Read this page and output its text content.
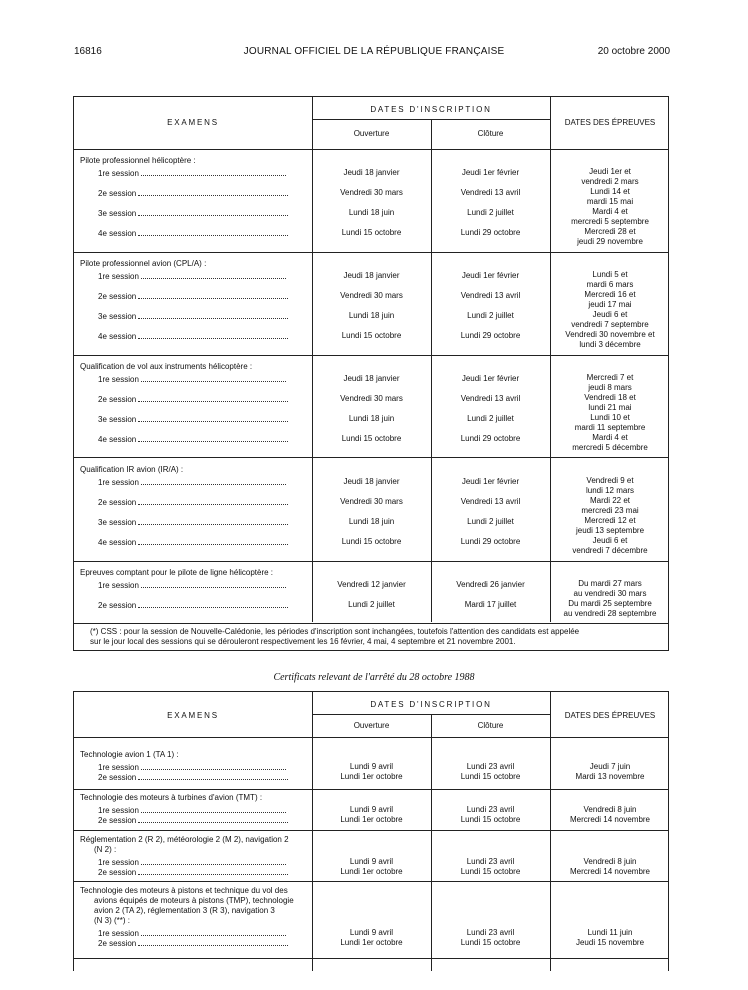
16816	JOURNAL OFFICIEL DE LA RÉPUBLIQUE FRANÇAISE	20 octobre 2000
EXAMENS
DATES D'INSCRIPTION
Ouverture	Clôture
DATES DES ÉPREUVES
(*) CSS : pour la session de Nouvelle-Calédonie, les périodes d'inscription sont inchangées, toutefois l'attention des candidats est appelée
sur le jour local des sessions qui se dérouleront respectivement les 16 février, 4 mai, 4 septembre et 21 novembre 2001.
Pilote professionnel hélicoptère :
1re session	Jeudi 18 janvier	Jeudi 1er février	Jeudi 1er et
vendredi 2 mars
2e session	Vendredi 30 mars	Vendredi 13 avril	Lundi 14 et
mardi 15 mai
3e session	Lundi 18 juin	Lundi 2 juillet	Mardi 4 et
mercredi 5 septembre
4e session	Lundi 15 octobre	Lundi 29 octobre	Mercredi 28 et
jeudi 29 novembre
Pilote professionnel avion (CPL/A) :
1re session	Jeudi 18 janvier	Jeudi 1er février	Lundi 5 et
mardi 6 mars
2e session	Vendredi 30 mars	Vendredi 13 avril	Mercredi 16 et
jeudi 17 mai
3e session	Lundi 18 juin	Lundi 2 juillet	Jeudi 6 et
vendredi 7 septembre
4e session	Lundi 15 octobre	Lundi 29 octobre	Vendredi 30 novembre et
lundi 3 décembre
Qualification de vol aux instruments hélicoptère :
1re session	Jeudi 18 janvier	Jeudi 1er février	Mercredi 7 et
jeudi 8 mars
2e session	Vendredi 30 mars	Vendredi 13 avril	Vendredi 18 et
lundi 21 mai
3e session	Lundi 18 juin	Lundi 2 juillet	Lundi 10 et
mardi 11 septembre
4e session	Lundi 15 octobre	Lundi 29 octobre	Mardi 4 et
mercredi 5 décembre
Qualification IR avion (IR/A) :
1re session	Jeudi 18 janvier	Jeudi 1er février	Vendredi 9 et
lundi 12 mars
2e session	Vendredi 30 mars	Vendredi 13 avril	Mardi 22 et
mercredi 23 mai
3e session	Lundi 18 juin	Lundi 2 juillet	Mercredi 12 et
jeudi 13 septembre
4e session	Lundi 15 octobre	Lundi 29 octobre	Jeudi 6 et
vendredi 7 décembre
Epreuves comptant pour le pilote de ligne hélicoptère :
1re session	Vendredi 12 janvier	Vendredi 26 janvier	Du mardi 27 mars
au vendredi 30 mars
2e session	Lundi 2 juillet	Mardi 17 juillet	Du mardi 25 septembre
au vendredi 28 septembre
Certificats relevant de l'arrêté du 28 octobre 1988
EXAMENS
DATES D'INSCRIPTION
Ouverture	Clôture
DATES DES ÉPREUVES
Technologie avion 1 (TA 1) :
1re session	Lundi 9 avril	Lundi 23 avril	Jeudi 7 juin
2e session	Lundi 1er octobre	Lundi 15 octobre	Mardi 13 novembre
Technologie des moteurs à turbines d'avion (TMT) :
1re session	Lundi 9 avril	Lundi 23 avril	Vendredi 8 juin
2e session	Lundi 1er octobre	Lundi 15 octobre	Mercredi 14 novembre
Réglementation 2 (R 2), météorologie 2 (M 2), navigation 2
(N 2) :
1re session	Lundi 9 avril	Lundi 23 avril	Vendredi 8 juin
2e session	Lundi 1er octobre	Lundi 15 octobre	Mercredi 14 novembre
Technologie des moteurs à pistons et technique du vol des
avions équipés de moteurs à pistons (TMP), technologie
avion 2 (TA 2), réglementation 3 (R 3), navigation 3
(N 3) (**) :
1re session	Lundi 9 avril	Lundi 23 avril	Lundi 11 juin
2e session	Lundi 1er octobre	Lundi 15 octobre	Jeudi 15 novembre
